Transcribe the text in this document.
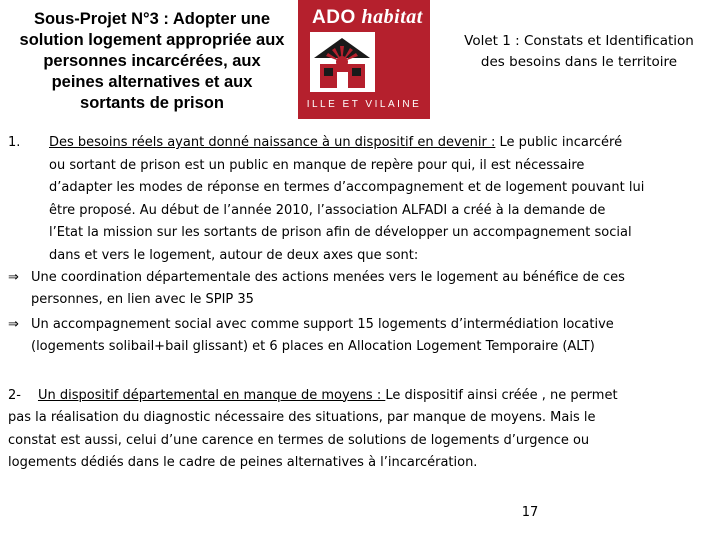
Sous-Projet N°3 : Adopter une
solution logement appropriée aux
personnes incarcérées, aux
peines alternatives et aux
sortants de prison
ADO habitat
ILLE ET VILAINE
Volet 1 : Constats et Identification
des besoins dans le territoire
1. Des besoins réels ayant donné naissance à un dispositif en devenir : Le public incarcéré
ou sortant de prison est un public en manque de repère pour qui, il est nécessaire
d’adapter les modes de réponse en termes d’accompagnement et de logement pouvant lui
être proposé. Au début de l’année 2010, l’association ALFADI a créé à la demande de
l’Etat la mission sur les sortants de prison afin de développer un accompagnement social
dans et vers le logement, autour de deux axes que sont:
⇒ Une coordination départementale des actions menées vers le logement au bénéfice de ces
personnes, en lien avec le SPIP 35
⇒ Un accompagnement social avec comme support 15 logements d’intermédiation locative
(logements solibail+bail glissant) et 6 places en Allocation Logement Temporaire (ALT)
2- Un dispositif départemental en manque de moyens : Le dispositif ainsi créée , ne permet
pas la réalisation du diagnostic nécessaire des situations, par manque de moyens. Mais le
constat est aussi, celui d’une carence en termes de solutions de logements d’urgence ou
logements dédiés dans le cadre de peines alternatives à l’incarcération.
17
